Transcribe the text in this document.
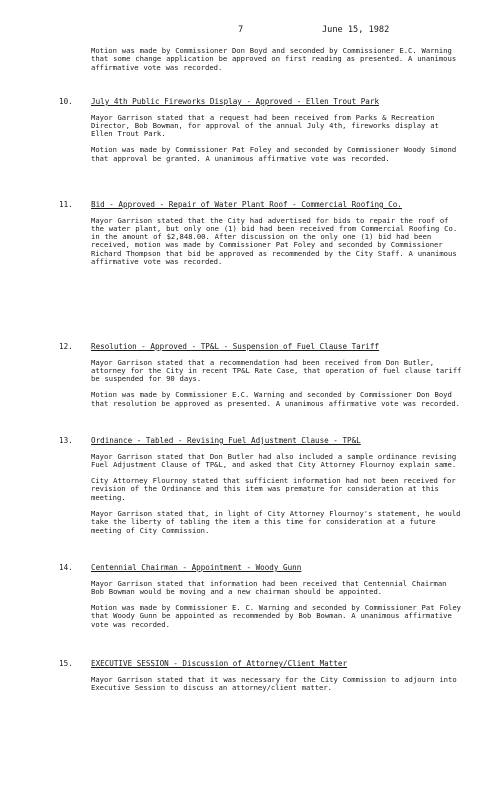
7	June 15, 1982

Motion was made by Commissioner Don Boyd and seconded by Commissioner E.C. Warning that some change application be approved on first reading as presented. A unanimous affirmative vote was recorded.

10.	July 4th Public Fireworks Display - Approved - Ellen Trout Park

Mayor Garrison stated that a request had been received from Parks & Recreation Director, Bob Bowman, for approval of the annual July 4th, fireworks display at Ellen Trout Park.

Motion was made by Commissioner Pat Foley and seconded by Commissioner Woody Simond that approval be granted. A unanimous affirmative vote was recorded.

11.	Bid - Approved - Repair of Water Plant Roof - Commercial Roofing Co.

Mayor Garrison stated that the City had advertised for bids to repair the roof of the water plant, but only one (1) bid had been received from Commercial Roofing Co. in the amount of $2,848.00. After discussion on the only one (1) bid had been received, motion was made by Commissioner Pat Foley and seconded by Commissioner Richard Thompson that bid be approved as recommended by the City Staff. A unanimous affirmative vote was recorded.

12.	Resolution - Approved - TP&L - Suspension of Fuel Clause Tariff

Mayor Garrison stated that a recommendation had been received from Don Butler, attorney for the City in recent TP&L Rate Case, that operation of fuel clause tariff be suspended for 90 days.

Motion was made by Commissioner E.C. Warning and seconded by Commissioner Don Boyd that resolution be approved as presented. A unanimous affirmative vote was recorded.

13.	Ordinance - Tabled - Revising Fuel Adjustment Clause - TP&L

Mayor Garrison stated that Don Butler had also included a sample ordinance revising Fuel Adjustment Clause of TP&L, and asked that City Attorney Flournoy explain same.

City Attorney Flournoy stated that sufficient information had not been received for revision of the Ordinance and this item was premature for consideration at this meeting.

Mayor Garrison stated that, in light of City Attorney Flournoy's statement, he would take the liberty of tabling the item a this time for consideration at a future meeting of City Commission.

14.	Centennial Chairman - Appointment - Woody Gunn

Mayor Garrison stated that information had been received that Centennial Chairman Bob Bowman would be moving and a new chairman should be appointed.

Motion was made by Commissioner E. C. Warning and seconded by Commissioner Pat Foley that Woody Gunn be appointed as recommended by Bob Bowman. A unanimous affirmative vote was recorded.

15.	EXECUTIVE SESSION - Discussion of Attorney/Client Matter

Mayor Garrison stated that it was necessary for the City Commission to adjourn into Executive Session to discuss an attorney/client matter.
